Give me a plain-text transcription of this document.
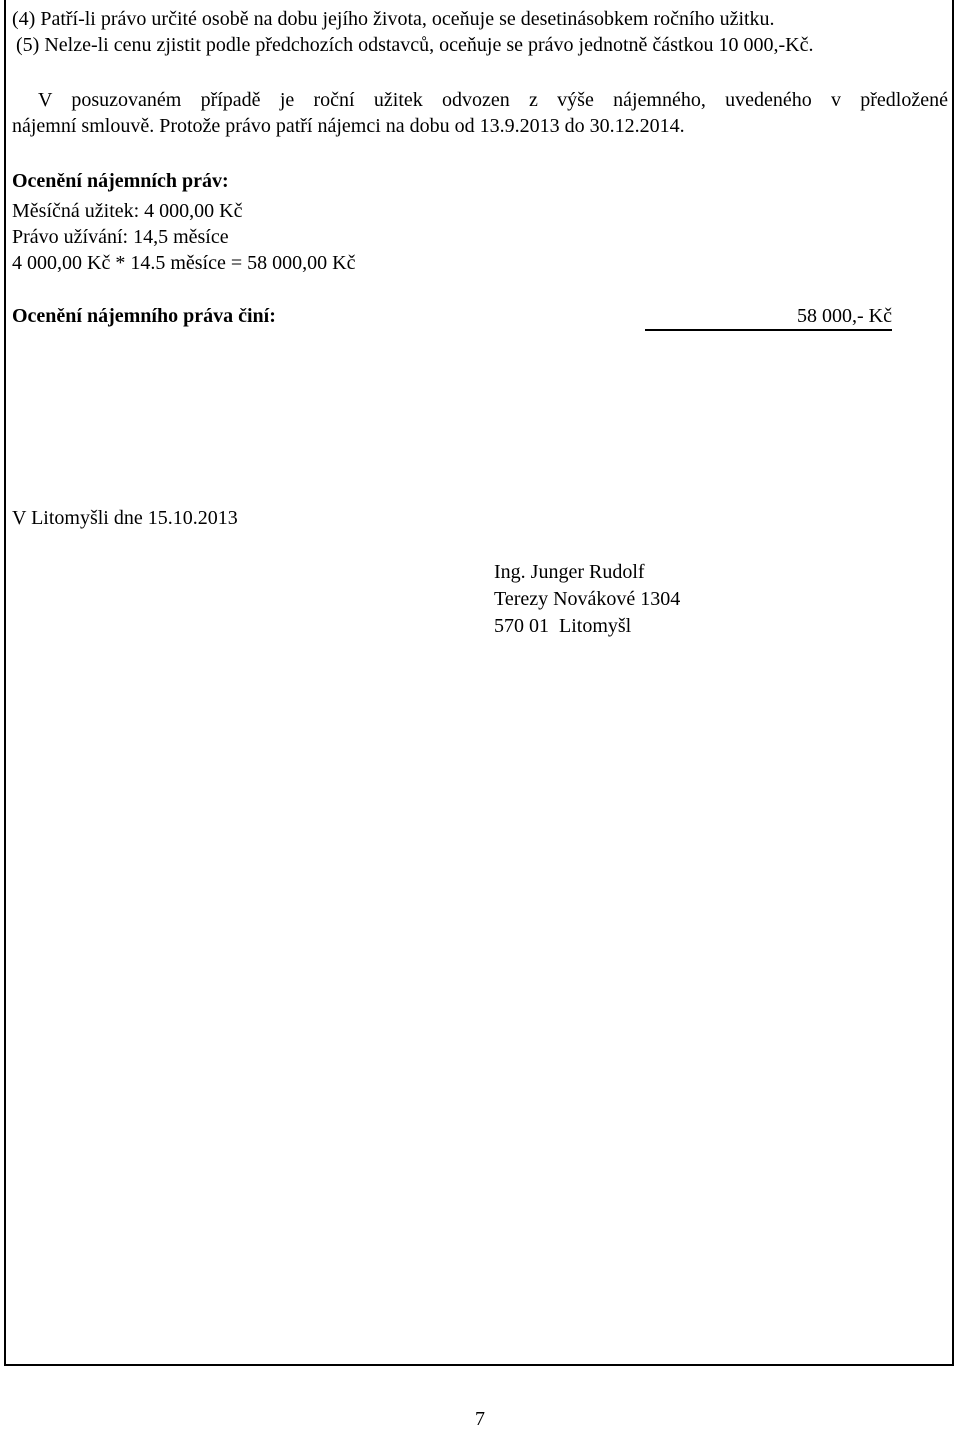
(4) Patří-li právo určité osobě na dobu jejího života, oceňuje se desetinásobkem ročního užitku.
(5) Nelze-li cenu zjistit podle předchozích odstavců, oceňuje se právo jednotně částkou 10 000,-Kč.
V posuzovaném případě je roční užitek odvozen z výše nájemného, uvedeného v předložené
nájemní smlouvě. Protože právo patří nájemci na dobu od 13.9.2013 do 30.12.2014.
Ocenění nájemních práv:
Měsíčná užitek: 4 000,00 Kč
Právo užívání: 14,5 měsíce
4 000,00 Kč * 14.5 měsíce = 58 000,00 Kč
Ocenění nájemního práva činí:	58 000,- Kč
V Litomyšli dne 15.10.2013
Ing. Junger Rudolf
Terezy Novákové 1304
570 01  Litomyšl
7
